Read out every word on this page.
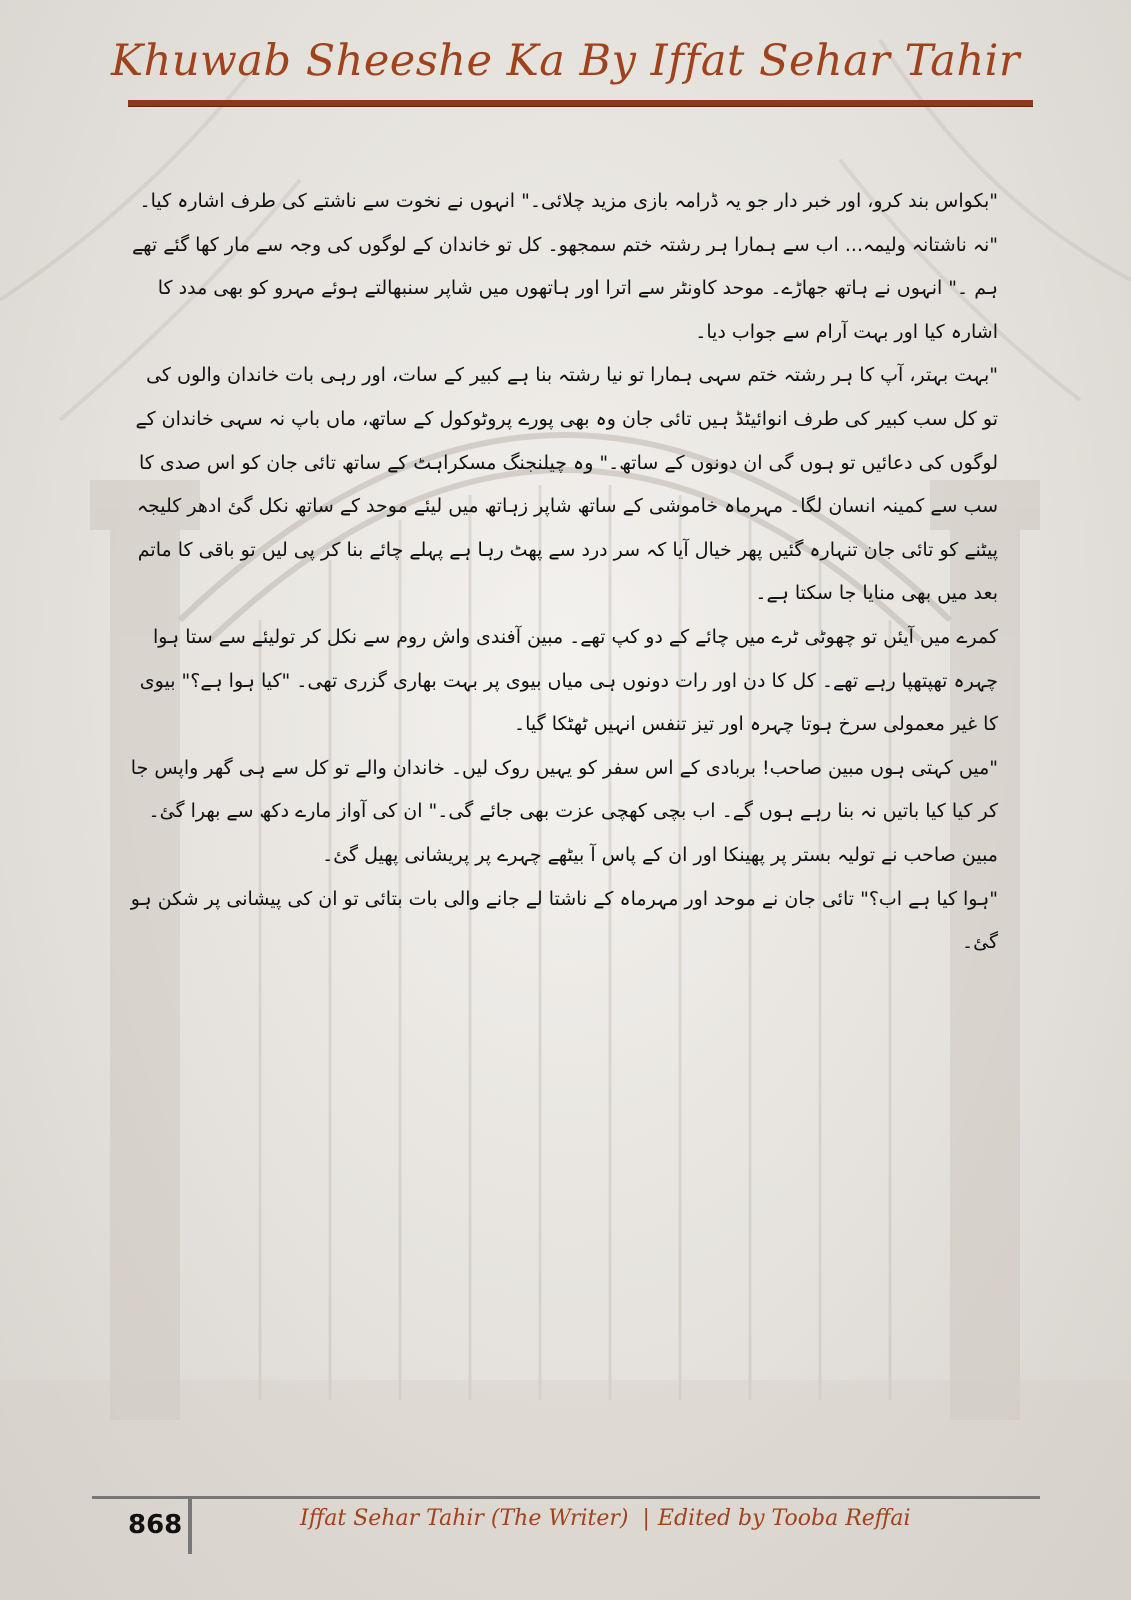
Khuwab Sheeshe Ka By Iffat Sehar Tahir

"بکواس بند کرو، اور خبر دار جو یہ ڈرامہ بازی مزید چلائی۔" انہوں نے نخوت سے ناشتے کی طرف اشارہ کیا۔

"نہ ناشتانہ ولیمہ... اب سے ہمارا ہر رشتہ ختم سمجھو۔ کل تو خاندان کے لوگوں کی وجہ سے مار کھا گئے تھے ہم ۔" انہوں نے ہاتھ جھاڑے۔ موحد کاونٹر سے اترا اور ہاتھوں میں شاپر سنبھالتے ہوئے مہرو کو بھی مدد کا اشارہ کیا اور بہت آرام سے جواب دیا۔

"بہت بہتر، آپ کا ہر رشتہ ختم سہی ہمارا تو نیا رشتہ بنا ہے کبیر کے سات، اور رہی بات خاندان والوں کی تو کل سب کبیر کی طرف انوائیٹڈ ہیں تائی جان وہ بھی پورے پروٹوکول کے ساتھ، ماں باپ نہ سہی خاندان کے لوگوں کی دعائیں تو ہوں گی ان دونوں کے ساتھ۔" وہ چیلنجنگ مسکراہٹ کے ساتھ تائی جان کو اس صدی کا سب سے کمینہ انسان لگا۔ مہرماہ خاموشی کے ساتھ شاپر زہاتھ میں لیئے موحد کے ساتھ نکل گئ ادھر کلیجہ پیٹنے کو تائی جان تنہارہ گئیں پھر خیال آیا کہ سر درد سے پھٹ رہا ہے پہلے چائے بنا کر پی لیں تو باقی کا ماتم بعد میں بھی منایا جا سکتا ہے۔

کمرے میں آیئں تو چھوٹی ٹرے میں چائے کے دو کپ تھے۔ مبین آفندی واش روم سے نکل کر تولیئے سے ستا ہوا چہرہ تھپتھپا رہے تھے۔ کل کا دن اور رات دونوں ہی میاں بیوی پر بہت بھاری گزری تھی۔ "کیا ہوا ہے؟" بیوی کا غیر معمولی سرخ ہوتا چہرہ اور تیز تنفس انہیں ٹھٹکا گیا۔

"میں کہتی ہوں مبین صاحب! بربادی کے اس سفر کو یہیں روک لیں۔ خاندان والے تو کل سے ہی گھر واپس جا کر کیا کیا باتیں نہ بنا رہے ہوں گے۔ اب بچی کھچی عزت بھی جائے گی۔" ان کی آواز مارے دکھ سے بھرا گئ۔ مبین صاحب نے تولیہ بستر پر پھینکا اور ان کے پاس آ بیٹھے چہرے پر پریشانی پھیل گئ۔

"ہوا کیا ہے اب؟" تائی جان نے موحد اور مہرماہ کے ناشتا لے جانے والی بات بتائی تو ان کی پیشانی پر شکن ہو گئ۔

868	Iffat Sehar Tahir (The Writer) | Edited by Tooba Reffai
